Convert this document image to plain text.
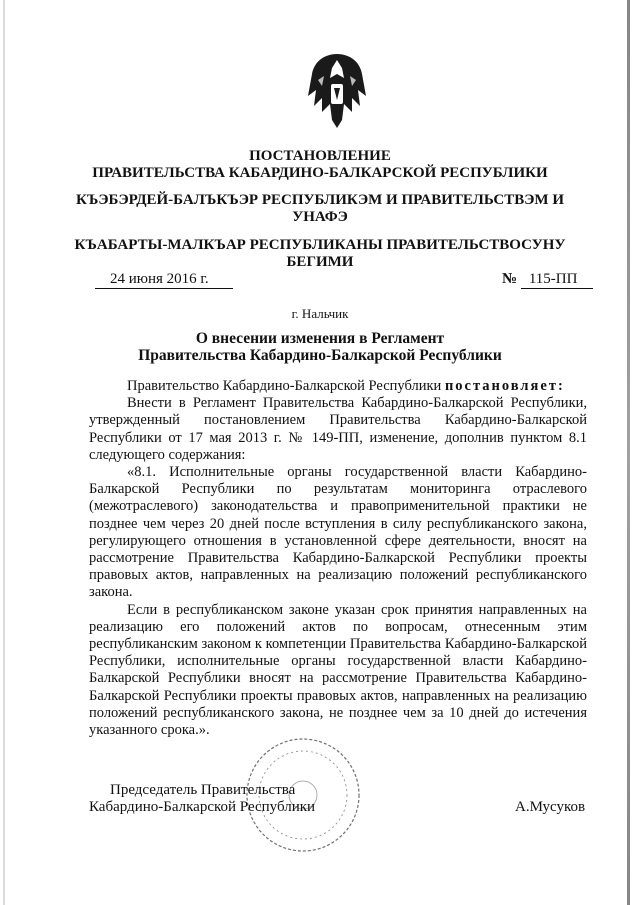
ПОСТАНОВЛЕНИЕ
ПРАВИТЕЛЬСТВА КАБАРДИНО-БАЛКАРСКОЙ РЕСПУБЛИКИ
КЪЭБЭРДЕЙ-БАЛЪКЪЭР РЕСПУБЛИКЭМ И ПРАВИТЕЛЬСТВЭМ И
УНАФЭ
КЪАБАРТЫ-МАЛКЪАР РЕСПУБЛИКАНЫ ПРАВИТЕЛЬСТВОСУНУ
БЕГИМИ
24 июня 2016 г.	№ 115-ПП
г. Нальчик
О внесении изменения в Регламент
Правительства Кабардино-Балкарской Республики

Правительство Кабардино-Балкарской Республики постановляет:

Внести в Регламент Правительства Кабардино-Балкарской Республики, утвержденный постановлением Правительства Кабардино-Балкарской Республики от 17 мая 2013 г. № 149-ПП, изменение, дополнив пунктом 8.1 следующего содержания:

«8.1. Исполнительные органы государственной власти Кабардино-Балкарской Республики по результатам мониторинга отраслевого (межотраслевого) законодательства и правоприменительной практики не позднее чем через 20 дней после вступления в силу республиканского закона, регулирующего отношения в установленной сфере деятельности, вносят на рассмотрение Правительства Кабардино-Балкарской Республики проекты правовых актов, направленных на реализацию положений республиканского закона.

Если в республиканском законе указан срок принятия направленных на реализацию его положений актов по вопросам, отнесенным этим республиканским законом к компетенции Правительства Кабардино-Балкарской Республики, исполнительные органы государственной власти Кабардино-Балкарской Республики вносят на рассмотрение Правительства Кабардино-Балкарской Республики проекты правовых актов, направленных на реализацию положений республиканского закона, не позднее чем за 10 дней до истечения указанного срока.».

Председатель Правительства
Кабардино-Балкарской Республики	А.Мусуков
